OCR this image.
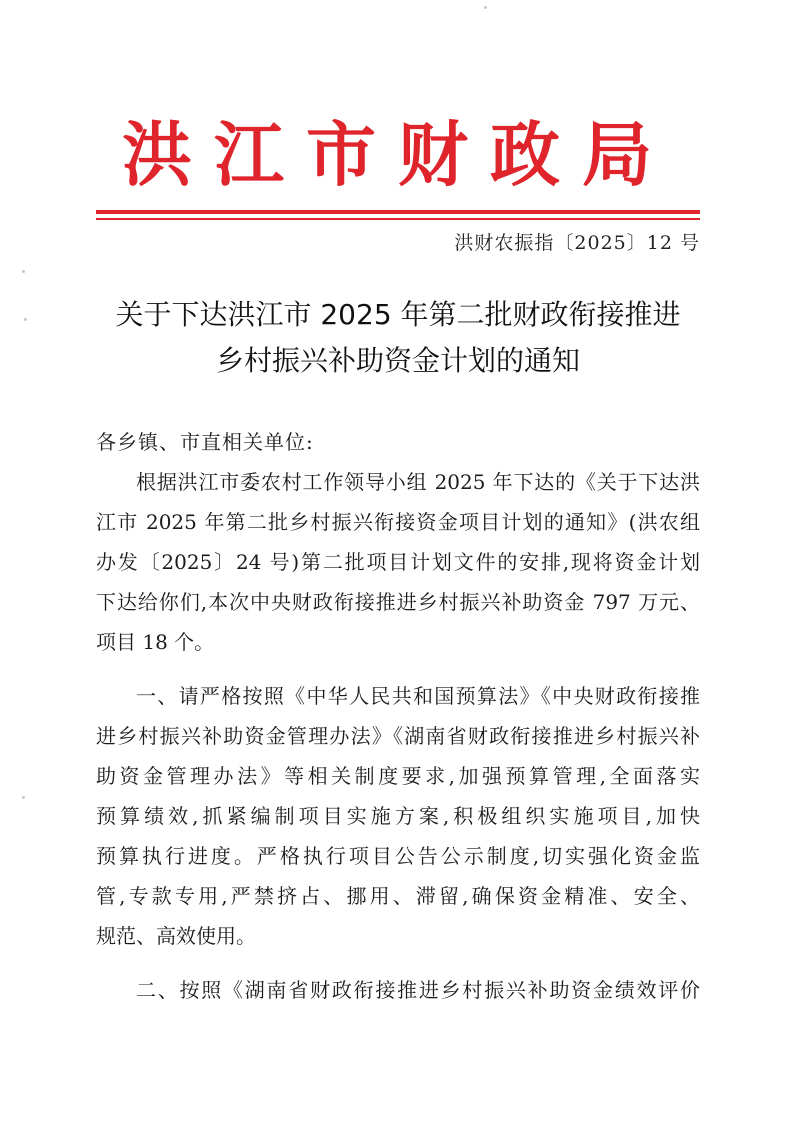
洪江市财政局
洪财农振指〔2025〕12 号
关于下达洪江市 2025 年第二批财政衔接推进
乡村振兴补助资金计划的通知
各乡镇、市直相关单位:
根据洪江市委农村工作领导小组 2025 年下达的《关于下达洪
江市 2025 年第二批乡村振兴衔接资金项目计划的通知》(洪农组
办发〔2025〕24 号)第二批项目计划文件的安排,现将资金计划
下达给你们,本次中央财政衔接推进乡村振兴补助资金 797 万元、
项目 18 个。
一、请严格按照《中华人民共和国预算法》《中央财政衔接推
进乡村振兴补助资金管理办法》《湖南省财政衔接推进乡村振兴补
助资金管理办法》等相关制度要求,加强预算管理,全面落实
预算绩效,抓紧编制项目实施方案,积极组织实施项目,加快
预算执行进度。严格执行项目公告公示制度,切实强化资金监
管,专款专用,严禁挤占、挪用、滞留,确保资金精准、安全、
规范、高效使用。
二、按照《湖南省财政衔接推进乡村振兴补助资金绩效评价
